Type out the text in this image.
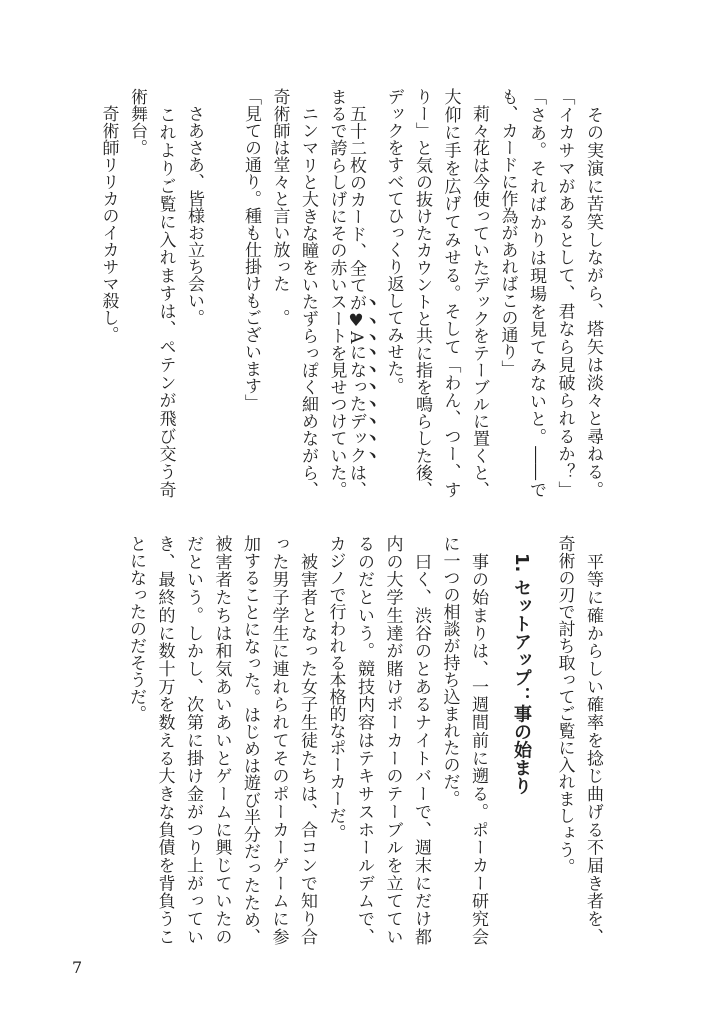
　その実演に苦笑しながら、塔矢は淡々と尋ねる。
「イカサマがあるとして、君なら見破られるか？」
「さあ。そればかりは現場を見てみないと。――で
も、カードに作為があればこの通り」
　莉々花は今使っていたデックをテーブルに置くと、
大仰に手を広げてみせる。そして「わん、つー、す
りー」と気の抜けたカウントと共に指を鳴らした後、
デックをすべてひっくり返してみせた。
　五十二枚のカード、全てが♥Aになったデックは、
まるで誇らしげにその赤いスートを見せつけていた。
　ニンマリと大きな瞳をいたずらっぽく細めながら、
奇術師は堂々と言い放った　。
「見ての通り。種も仕掛けもございます」
　さあさあ、皆様お立ち会い。
　これよりご覧に入れますは、ペテンが飛び交う奇
術舞台。
　奇術師リリカのイカサマ殺し。
　平等に確からしい確率を捻じ曲げる不届き者を、
奇術の刃で討ち取ってご覧に入れましょう。
1. セットアップ：事の始まり
　事の始まりは、一週間前に遡る。ポーカー研究会
に一つの相談が持ち込まれたのだ。
　曰く、渋谷のとあるナイトバーで、週末にだけ都
内の大学生達が賭けポーカーのテーブルを立ててい
るのだという。競技内容はテキサスホールデムで、
カジノで行われる本格的なポーカーだ。
　被害者となった女子生徒たちは、合コンで知り合
った男子学生に連れられてそのポーカーゲームに参
加することになった。はじめは遊び半分だったため、
被害者たちは和気あいあいとゲームに興じていたの
だという。しかし、次第に掛け金がつり上がってい
き、最終的に数十万を数える大きな負債を背負うこ
とになったのだそうだ。
7
